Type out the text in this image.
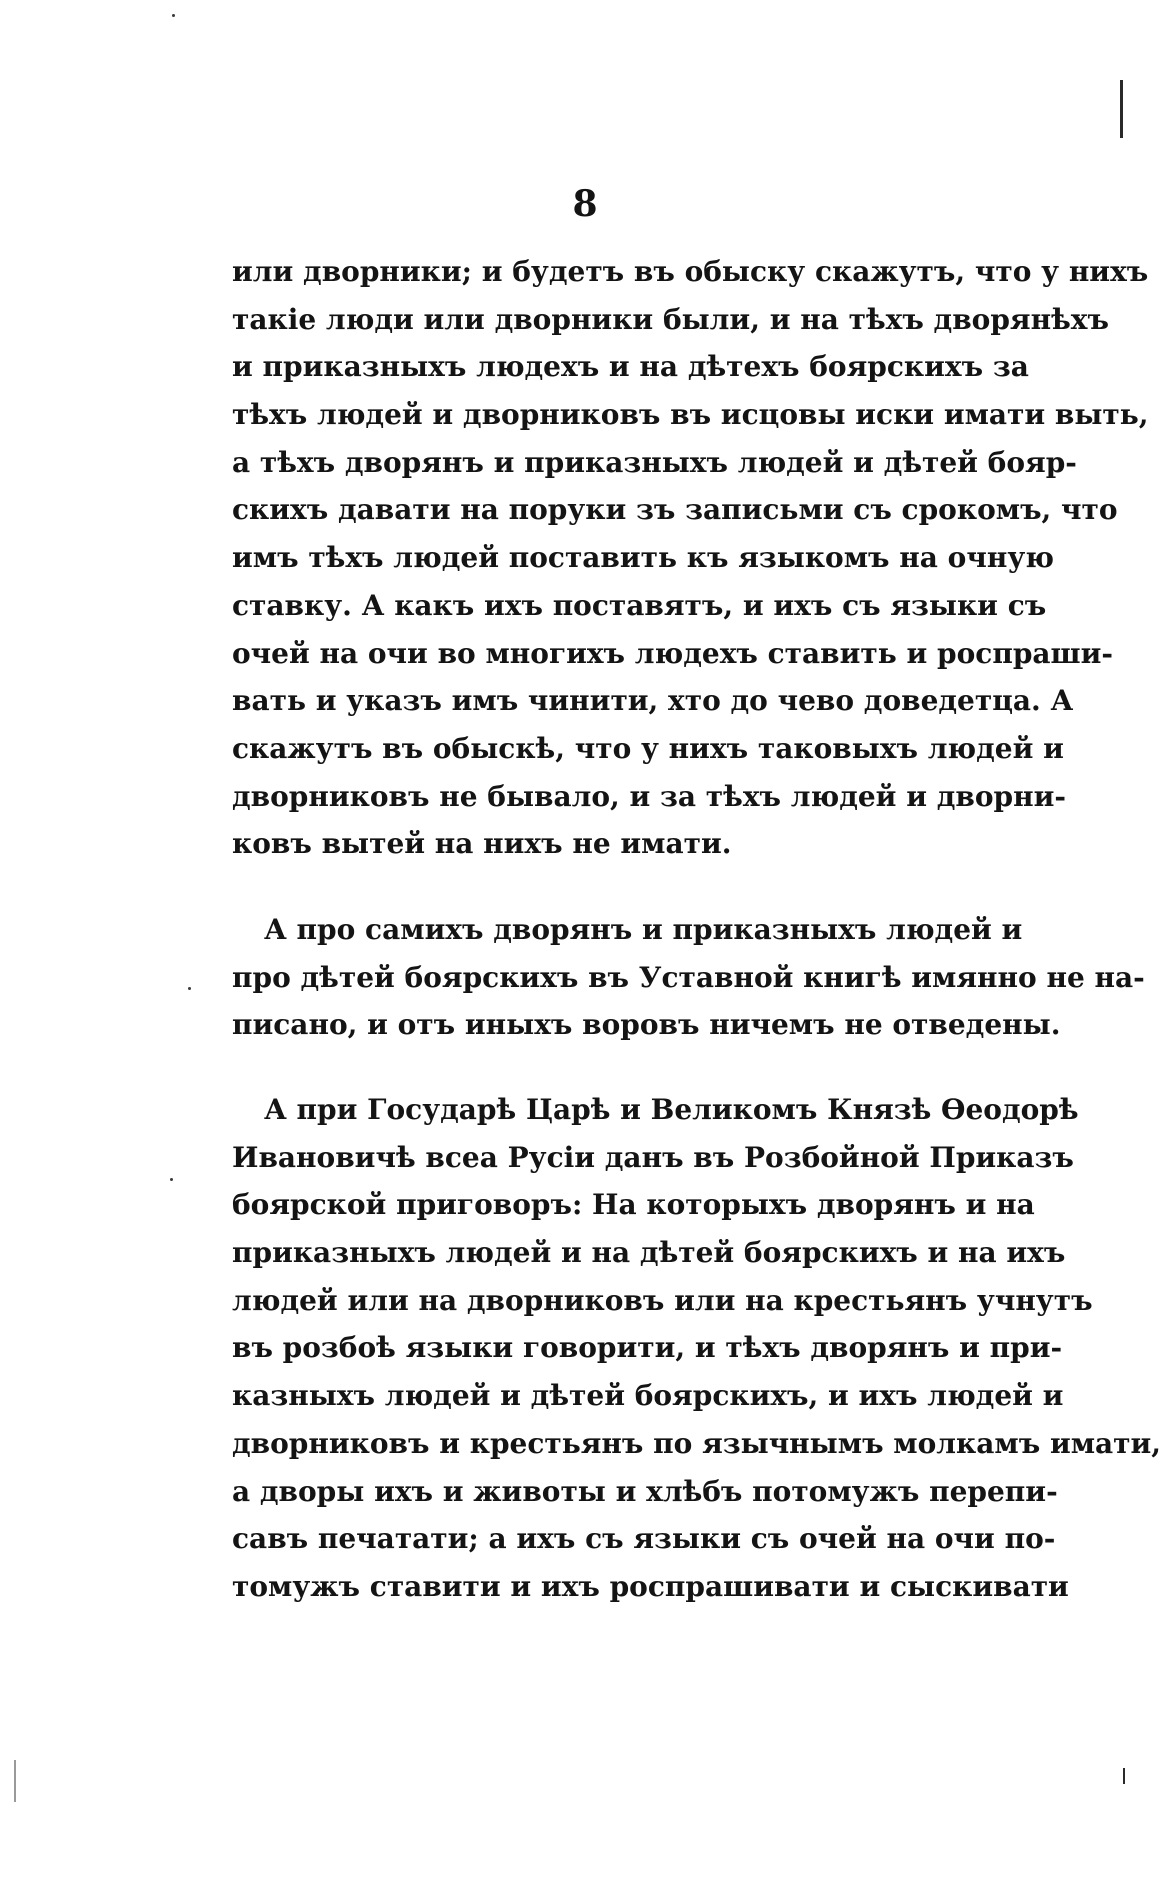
8
или дворники; и будетъ въ обыску скажутъ, что у нихъ
такіе люди или дворники были, и на тѣхъ дворянѣхъ
и приказныхъ людехъ и на дѣтехъ боярскихъ за
тѣхъ людей и дворниковъ въ исцовы иски имати выть,
а тѣхъ дворянъ и приказныхъ людей и дѣтей бояр-
скихъ давати на поруки зъ записьми съ срокомъ, что
имъ тѣхъ людей поставить къ языкомъ на очную
ставку. А какъ ихъ поставятъ, и ихъ съ языки съ
очей на очи во многихъ людехъ ставить и роспраши-
вать и указъ имъ чинити, хто до чево доведетца. А
скажутъ въ обыскѣ, что у нихъ таковыхъ людей и
дворниковъ не бывало, и за тѣхъ людей и дворни-
ковъ вытей на нихъ не имати.
А про самихъ дворянъ и приказныхъ людей и
про дѣтей боярскихъ въ Уставной книгѣ имянно не на-
писано, и отъ иныхъ воровъ ничемъ не отведены.
А при Государѣ Царѣ и Великомъ Князѣ Ѳеодорѣ
Ивановичѣ всеа Русіи данъ въ Розбойной Приказъ
боярской приговоръ: На которыхъ дворянъ и на
приказныхъ людей и на дѣтей боярскихъ и на ихъ
людей или на дворниковъ или на крестьянъ учнутъ
въ розбоѣ языки говорити, и тѣхъ дворянъ и при-
казныхъ людей и дѣтей боярскихъ, и ихъ людей и
дворниковъ и крестьянъ по язычнымъ молкамъ имати,
а дворы ихъ и животы и хлѣбъ потомужъ перепи-
савъ печатати; а ихъ съ языки съ очей на очи по-
томужъ ставити и ихъ роспрашивати и сыскивати
